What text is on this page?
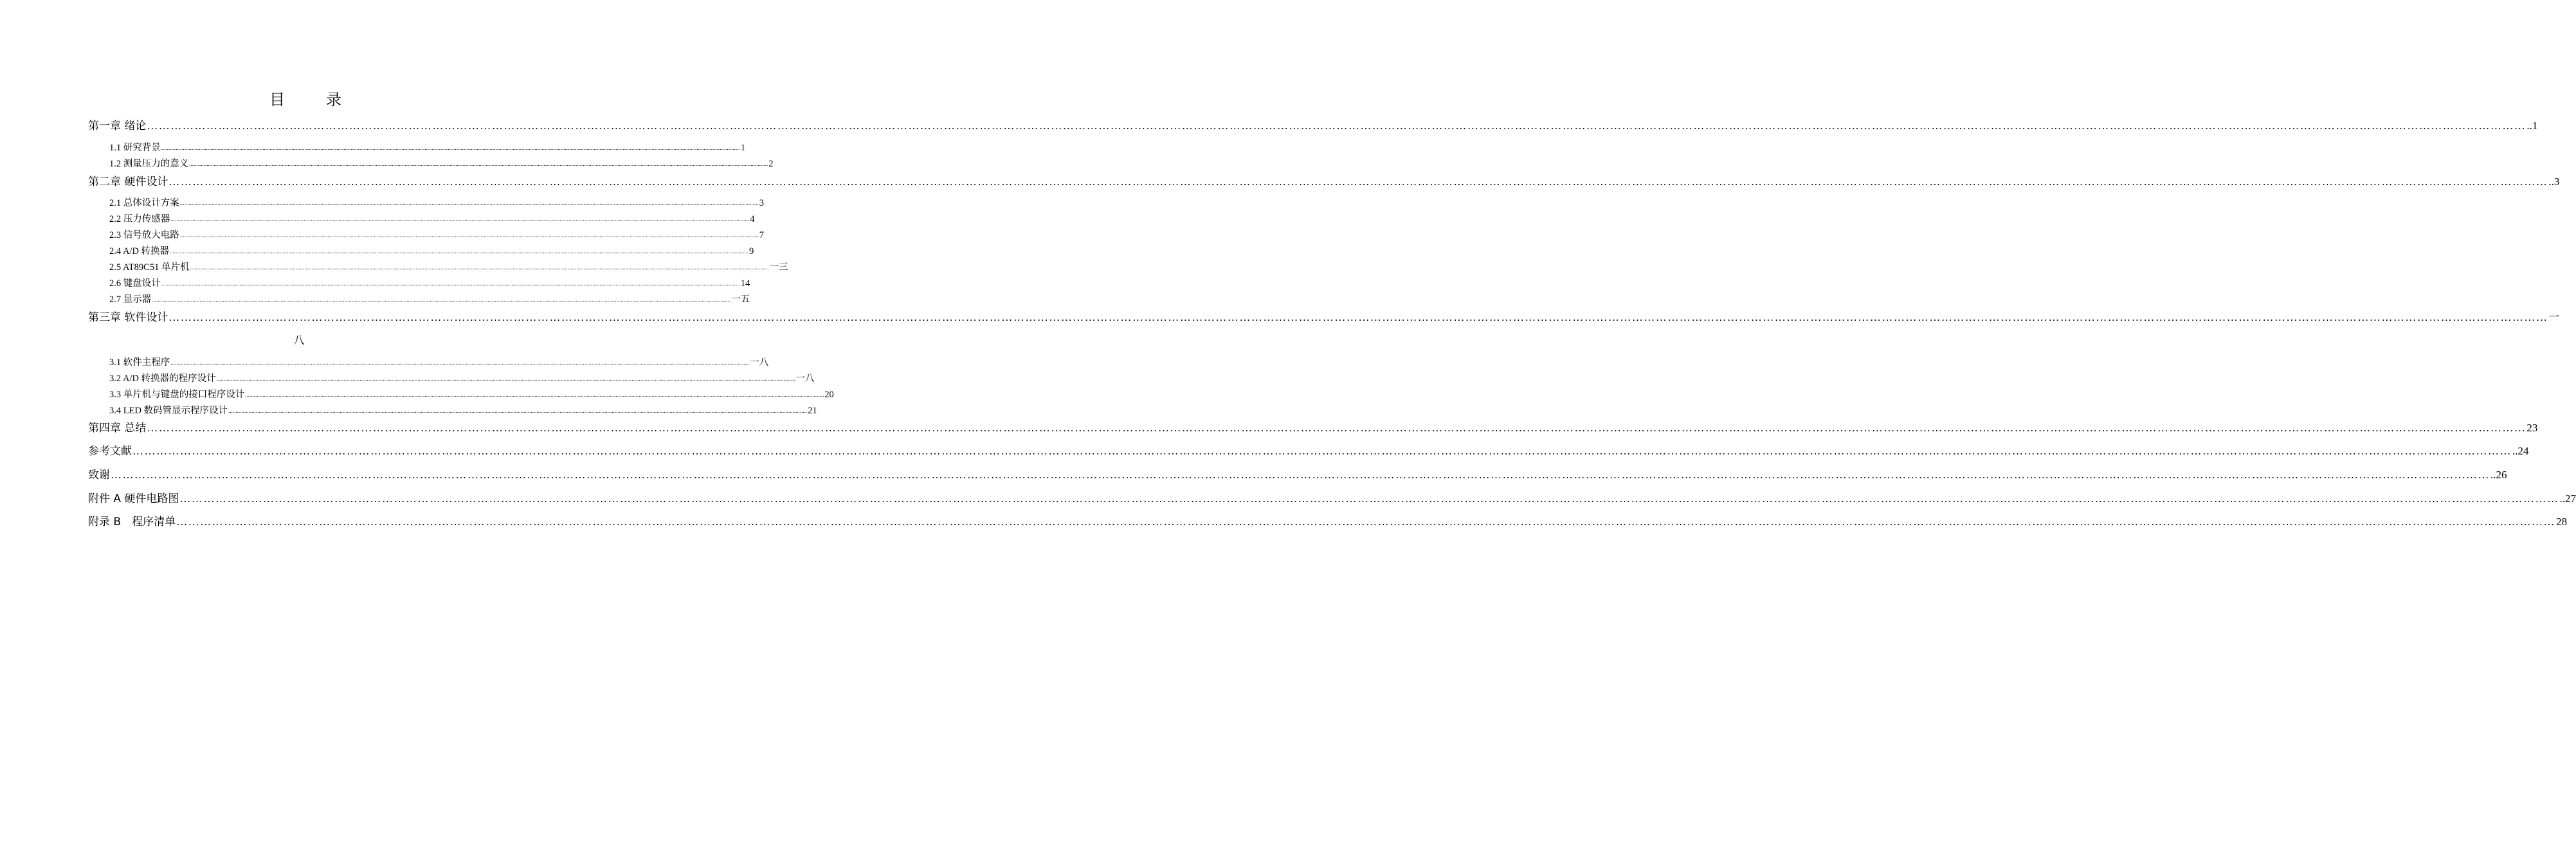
目　录
第一章 绪论 …………………………………………………………………………………………………………………………………………………………………………………………………………………………………………………………………………………………………………………………………………………………………………………………………………………………………………………………………………………………………………………………………………………… ..1
1.1 研究背景 ................................................................................................................................................................................................................................................................................................................................................................................................................ 1
1.2 测量压力的意义 ................................................................................................................................................................................................................................................................................................................................................................................................................ 2
第二章 硬件设计 …………………………………………………………………………………………………………………………………………………………………………………………………………………………………………………………………………………………………………………………………………………………………………………………………………………………………………………………………………………………………………………………………………………… ..3
2.1 总体设计方案 ................................................................................................................................................................................................................................................................................................................................................................................................................ 3
2.2 压力传感器 ................................................................................................................................................................................................................................................................................................................................................................................................................ 4
2.3 信号放大电路 ................................................................................................................................................................................................................................................................................................................................................................................................................ 7
2.4 A/D 转换器 ................................................................................................................................................................................................................................................................................................................................................................................................................ 9
2.5 AT89C51 单片机 ................................................................................................................................................................................................................................................................................................................................................................................................................ 一三
2.6 键盘设计 ................................................................................................................................................................................................................................................................................................................................................................................................................ 14
2.7 显示器 ................................................................................................................................................................................................................................................................................................................................................................................................................ 一五
第三章 软件设计 …………………………………………………………………………………………………………………………………………………………………………………………………………………………………………………………………………………………………………………………………………………………………………………………………………………………………………………………………………………………………………………………………………………… 一
3.1 软件主程序 ................................................................................................................................................................................................................................................................................................................................................................................................................ 一八
3.2 A/D 转换器的程序设计 ................................................................................................................................................................................................................................................................................................................................................................................................................ 一八
3.3 单片机与键盘的接口程序设计 ................................................................................................................................................................................................................................................................................................................................................................................................................ 20
3.4 LED 数码管显示程序设计 ................................................................................................................................................................................................................................................................................................................................................................................................................ 21
第四章 总结 …………………………………………………………………………………………………………………………………………………………………………………………………………………………………………………………………………………………………………………………………………………………………………………………………………………………………………………………………………………………………………………………………………………… 23
参考文献 …………………………………………………………………………………………………………………………………………………………………………………………………………………………………………………………………………………………………………………………………………………………………………………………………………………………………………………………………………………………………………………………………………………… ..24
致谢 …………………………………………………………………………………………………………………………………………………………………………………………………………………………………………………………………………………………………………………………………………………………………………………………………………………………………………………………………………………………………………………………………………………… ..26
附件 A 硬件电路图 …………………………………………………………………………………………………………………………………………………………………………………………………………………………………………………………………………………………………………………………………………………………………………………………………………………………………………………………………………………………………………………………………………………… ..27
附录 B　程序清单 …………………………………………………………………………………………………………………………………………………………………………………………………………………………………………………………………………………………………………………………………………………………………………………………………………………………………………………………………………………………………………………………………………………… 28
八
